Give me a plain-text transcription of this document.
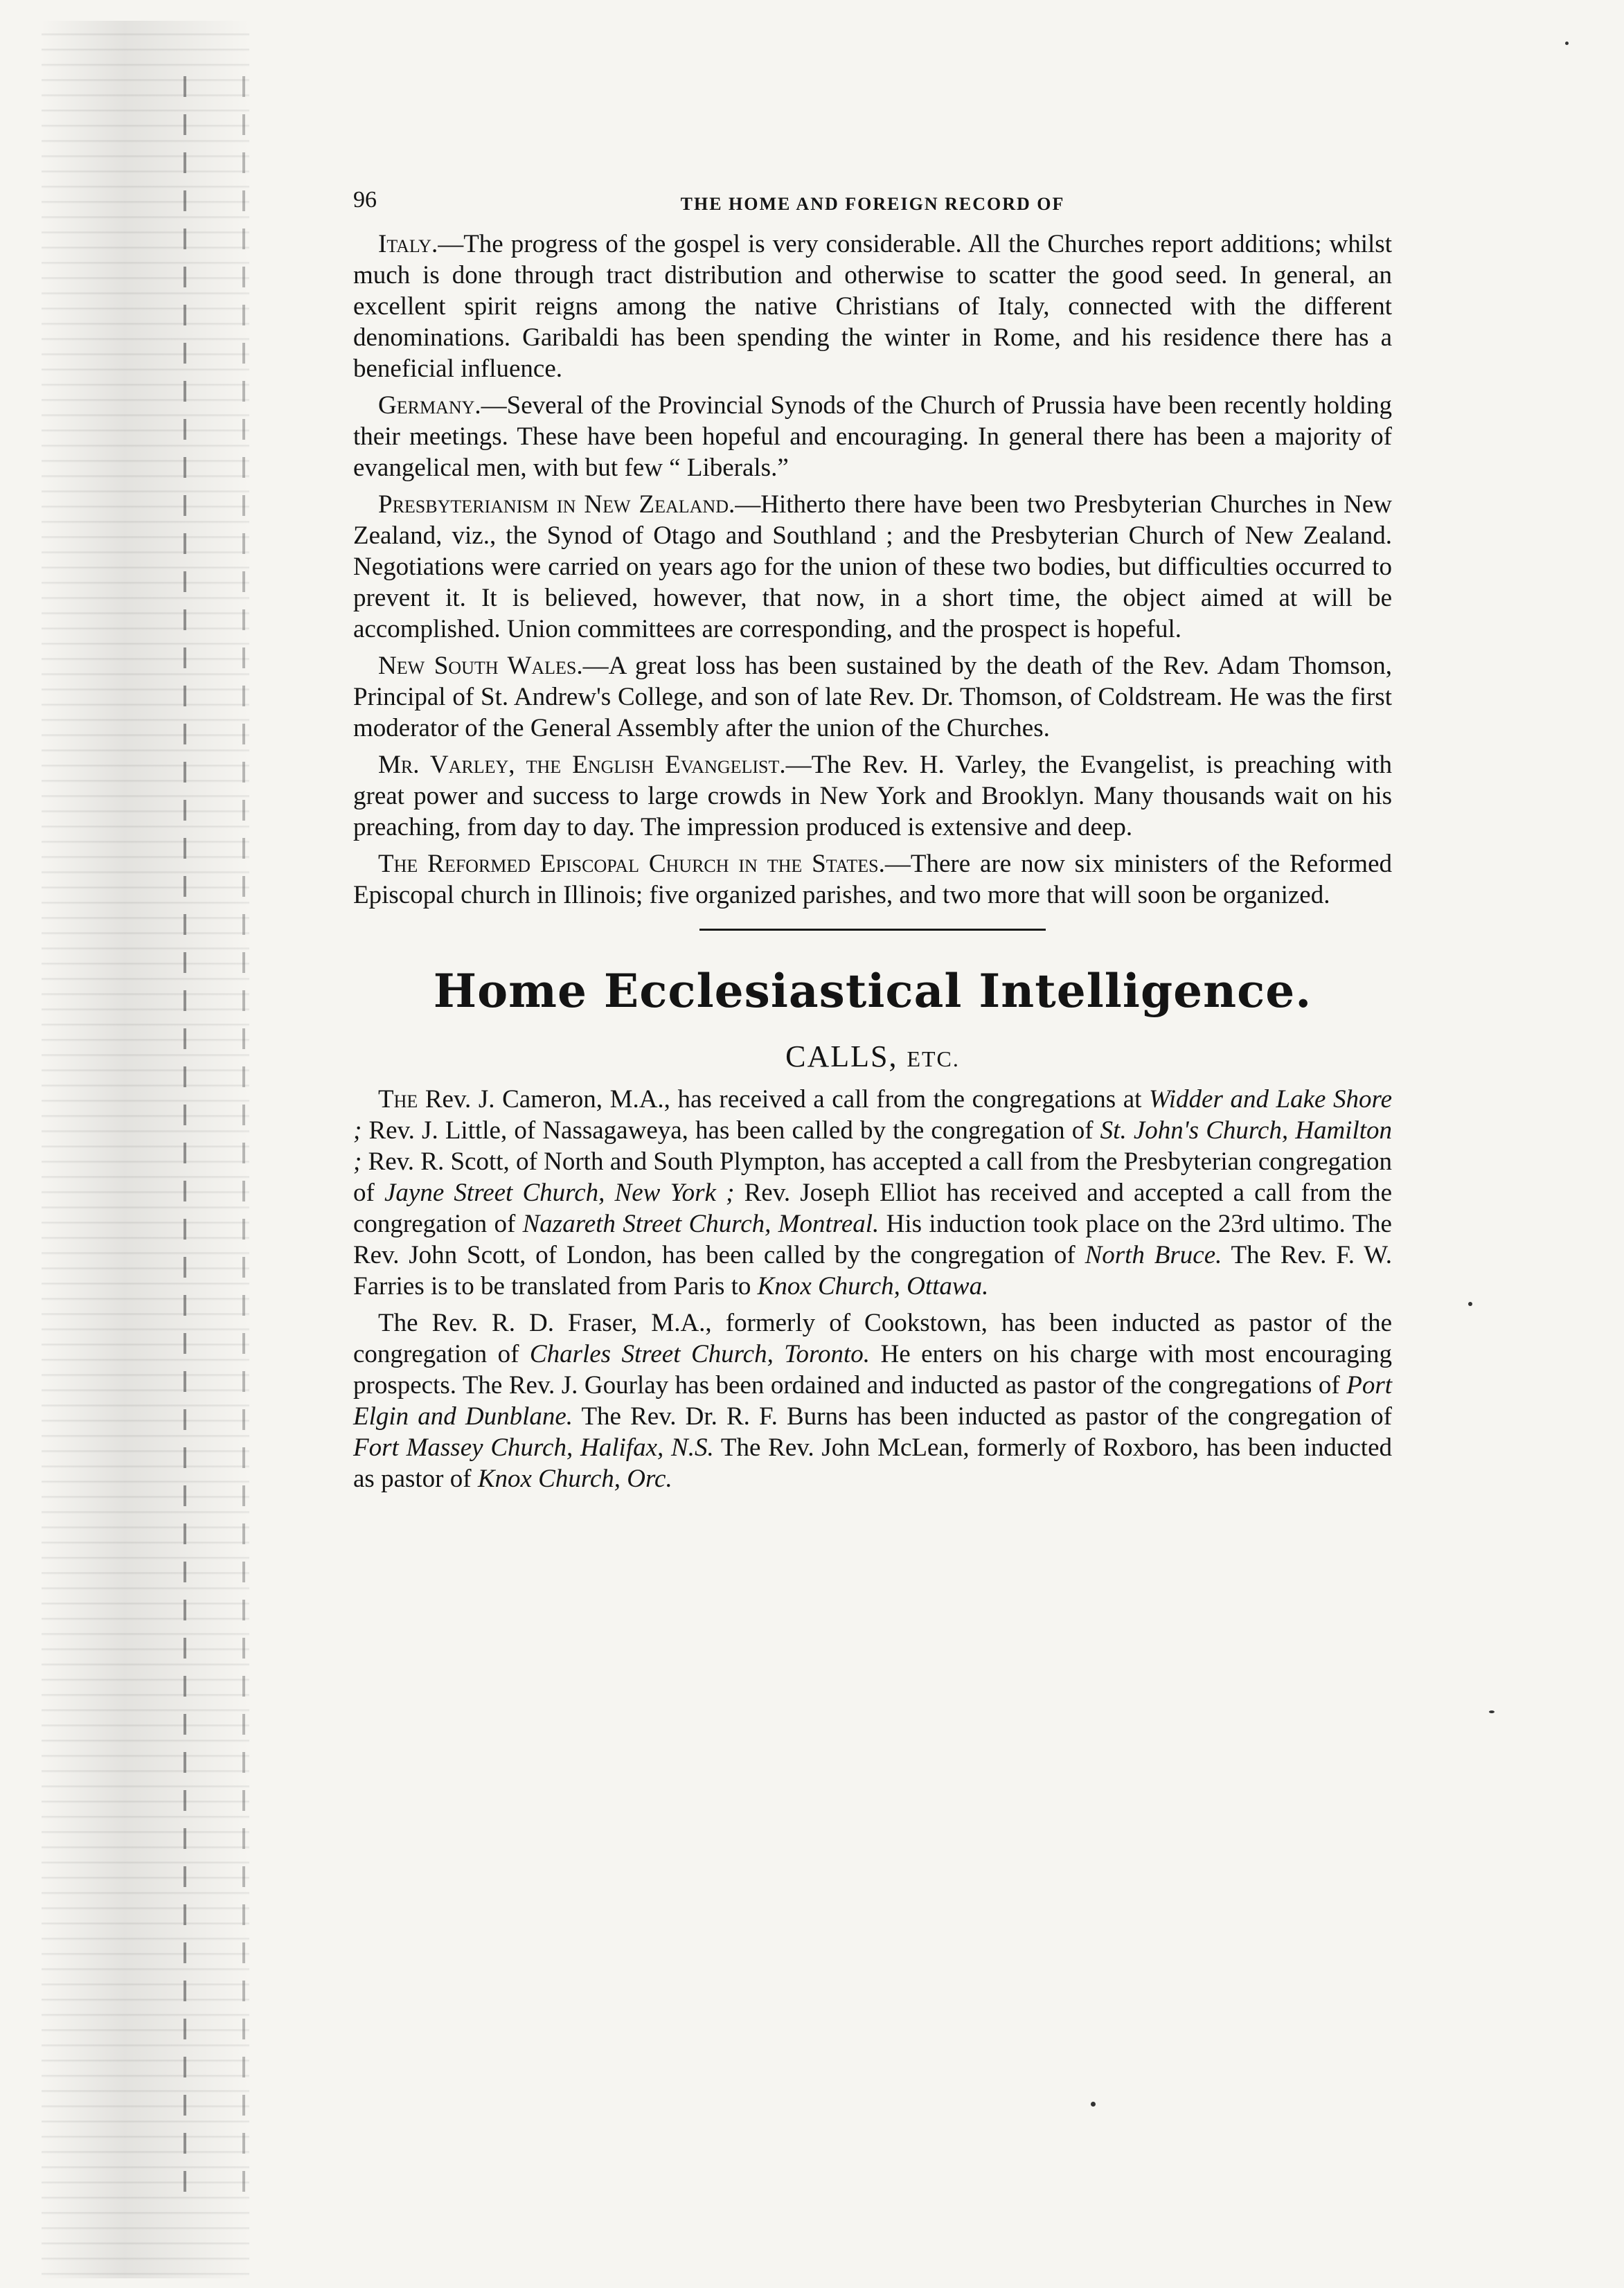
96	THE HOME AND FOREIGN RECORD OF

Italy.—The progress of the gospel is very considerable. All the Churches report additions; whilst much is done through tract distribution and otherwise to scatter the good seed. In general, an excellent spirit reigns among the native Christians of Italy, connected with the different denominations. Garibaldi has been spending the winter in Rome, and his residence there has a beneficial influence.

Germany.—Several of the Provincial Synods of the Church of Prussia have been recently holding their meetings. These have been hopeful and encouraging. In general there has been a majority of evangelical men, with but few “ Liberals.”

Presbyterianism in New Zealand.—Hitherto there have been two Presbyterian Churches in New Zealand, viz., the Synod of Otago and Southland ; and the Presbyterian Church of New Zealand. Negotiations were carried on years ago for the union of these two bodies, but difficulties occurred to prevent it. It is believed, however, that now, in a short time, the object aimed at will be accomplished. Union committees are corresponding, and the prospect is hopeful.

New South Wales.—A great loss has been sustained by the death of the Rev. Adam Thomson, Principal of St. Andrew's College, and son of late Rev. Dr. Thomson, of Coldstream. He was the first moderator of the General Assembly after the union of the Churches.

Mr. Varley, the English Evangelist.—The Rev. H. Varley, the Evangelist, is preaching with great power and success to large crowds in New York and Brooklyn. Many thousands wait on his preaching, from day to day. The impression produced is extensive and deep.

The Reformed Episcopal Church in the States.—There are now six ministers of the Reformed Episcopal church in Illinois; five organized parishes, and two more that will soon be organized.

Home Ecclesiastical Intelligence.
CALLS, ETC.

The Rev. J. Cameron, M.A., has received a call from the congregations at Widder and Lake Shore ; Rev. J. Little, of Nassagaweya, has been called by the congregation of St. John's Church, Hamilton ; Rev. R. Scott, of North and South Plympton, has accepted a call from the Presbyterian congregation of Jayne Street Church, New York ; Rev. Joseph Elliot has received and accepted a call from the congregation of Nazareth Street Church, Montreal. His induction took place on the 23rd ultimo. The Rev. John Scott, of London, has been called by the congregation of North Bruce. The Rev. F. W. Farries is to be translated from Paris to Knox Church, Ottawa.

The Rev. R. D. Fraser, M.A., formerly of Cookstown, has been inducted as pastor of the congregation of Charles Street Church, Toronto. He enters on his charge with most encouraging prospects. The Rev. J. Gourlay has been ordained and inducted as pastor of the congregations of Port Elgin and Dunblane. The Rev. Dr. R. F. Burns has been inducted as pastor of the congregation of Fort Massey Church, Halifax, N.S. The Rev. John McLean, formerly of Roxboro, has been inducted as pastor of Knox Church, Orc.
